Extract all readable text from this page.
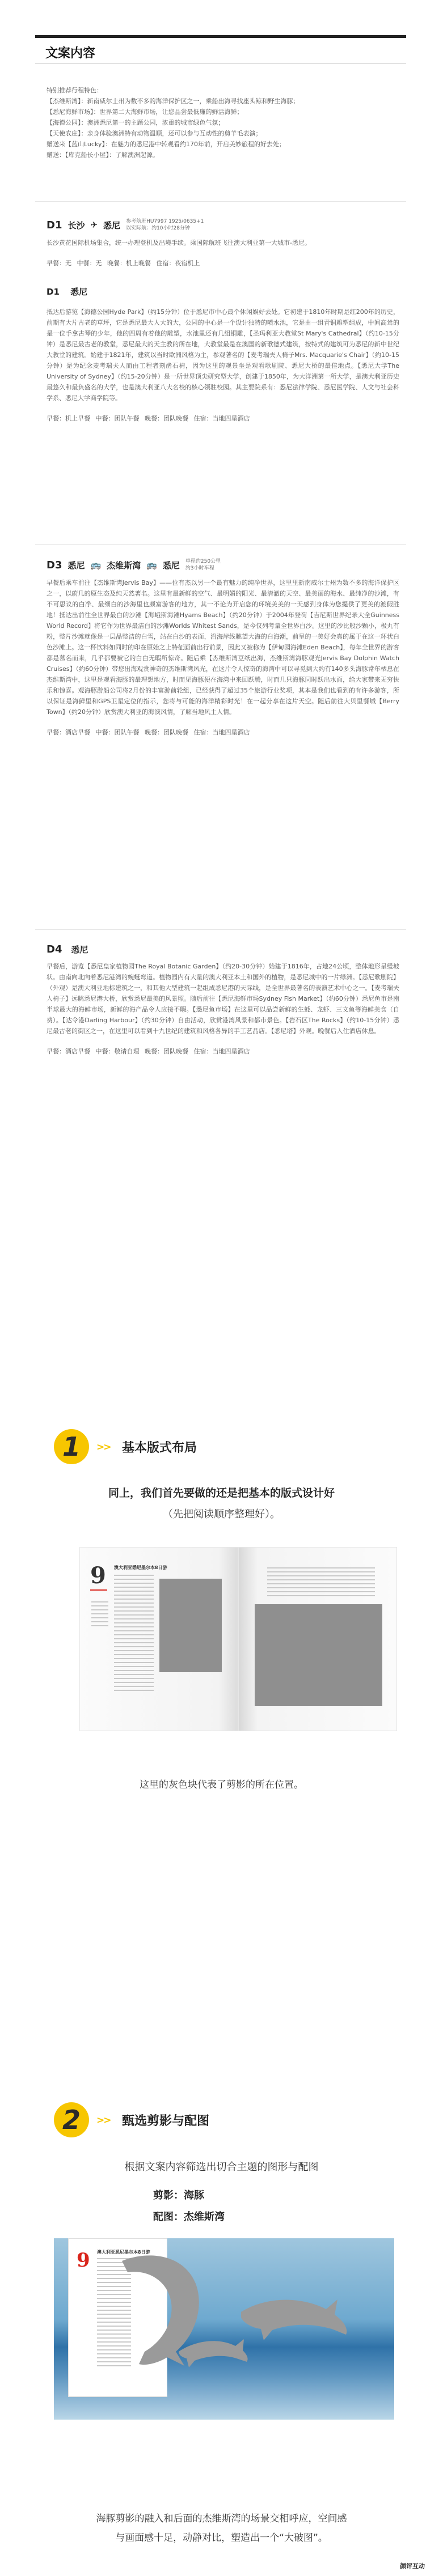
文案内容

特别推荐行程特色：

【杰维斯湾】：新南威尔士州为数不多的海洋保护区之一，乘船出海寻找座头鲸和野生海豚；

【悉尼海鲜市场】：世界第二大海鲜市场，让您品尝最低廉的鲜活海鲜；

【海德公园】：澳洲悉尼第一的主题公园，浓重的城市绿色气氛；

【天使农庄】：亲身体验澳洲特有动物温顺，还可以参与互动性的剪羊毛表演；

赠送来【蓝山Lucky】：在魅力的悉尼港中转观看约170年前，开启美妙旅程的好去处；

赠送：【库克船长小屋】：了解澳洲起源。

D1 长沙 ✈ 悉尼 参考航班HU7997 1925/0635+1
以实际航：约10小时28分钟
长沙黄花国际机场集合，统一办理登机及出境手续。乘国际航班飞往澳大利亚第一大城市-悉尼。
早餐：无 中餐：无 晚餐：机上晚餐 住宿：夜宿机上
D1 悉尼
抵达后游览【海德公园Hyde Park】（约15分钟）位于悉尼市中心最个休闲娱好去处。它初建于1810年时期是红200年的历史，前期有大片古老的草坪，它是悉尼最大人大的大，公园的中心是一个设计独特的喷水池，它是由一组青铜雕塑组成，中间高耸的是一位手拿古琴的少年，他的四周有着他的雕塑，水池里还有几组铜雕，【圣玛利亚大教堂St Mary's Cathedral】（约10-15分钟）是悉尼最古老的教堂，悉尼最大的天主教的所在地，大教堂最是在澳国的新歌德式建筑，按特式的建筑可为悉尼的新中世纪大教堂的建筑。始建于1821年，建筑以当时欧洲风格为主，参观著名的【麦考瑞夫人椅子Mrs. Macquarie's Chair】（约10-15分钟）是为纪念麦考瑞夫人而由工程者刻凿石椅，因为这里的观景坐是观看歌剧院、悉尼大桥的最佳地点。【悉尼大学The University of Sydney】（约15-20分钟）是一所世界顶尖研究型大学，创建于1850年，为大洋洲第一所大学，是澳大利亚历史最悠久和最负盛名的大学，也是澳大利亚八大名校的核心领驻校园。其主要院系有：悉尼法律学院、悉尼医学院、人文与社会科学系、悉尼大学商学院等。
早餐：机上早餐 中餐：团队午餐 晚餐：团队晚餐 住宿：当地四星酒店
D3 悉尼 🚌 杰维斯湾 🚌 悉尼 单程约250公里
约3小时车程
早餐后乘车前往【杰维斯湾Jervis Bay】——位有杰以另一个最有魅力的纯净世界，这里里新南威尔士州为数不多的海洋保护区之一，以蔚几的原生态及纯天然著名。这里有最新鲜的空气、最明媚的阳光、最清澈的天空、最美丽的海水、最纯净的沙滩，有不可思议的白净、最细白的沙海里也颇富游客的地方，其一不论为开启您的环境美美的一天感到身体为您提供了更美的渡假胜地！抵达出前往全世界最白的沙滩【海峨斯海滩Hyams Beach】（约20分钟）于2004年登荷【吉尼斯世界纪录大全Guinness World Record】将它作为世界最洁白的沙滩Worlds Whitest Sands，是今仅列考量全世界白沙。这里的沙比般沙颗小，极丸有粉，整片沙滩就像是一层晶整洁的白雪，站在白沙的表面，沿海岸线眺望大海的白海潮，前呈的一美好会真的属于在这一环状白色沙滩上。这一杯饮料如同时的印在原始之上特征面前出行前景，因此又被称为【伊甸园海滩Eden Beach】，每年全世界的游客都是慕名而来，几乎都要被它的白白无暇所惊奇。随后乘【杰维斯湾豆纸出海，杰维斯湾海豚观光Jervis Bay Dolphin Watch Cruises】（约60分钟）带您出海观赏神奇的杰维斯湾风光，在这片令人惊奇的海湾中可以寻觅到大约有140多头海豚常年栖息在杰维斯湾中，这里是观看海豚的最理想地方，时而见海豚便在海湾中来回跃腾，时而几只海豚同时跃出水面，给大家带来无穷快乐和惊喜。观海豚游船公司将2月份的丰富游前轮组，已经获得了超过35个旅游行业奖项，其本是我们也看到的有许多游客，所以保证是海鲜里和GPS卫星定位的指示，您将与可能的海洋精彩时光！在一起分享在这片天空。随后前往大贝里餐城【Berry Town】（约20分钟）欣赏澳大利亚的海滨风情，了解当地风土人情。
早餐：酒店早餐 中餐：团队午餐 晚餐：团队晚餐 住宿：当地四星酒店
D4 悉尼
早餐后，游览【悉尼皇家植物园The Royal Botanic Garden】（约20-30分钟）始建于1816年，占地24公顷，整体地形呈缓坡状。由南向北向着悉尼港湾的蜿蜒弯道。植物园内有大量的澳大利亚本土和国外的植物，是悉尼城中的一片绿洲。【悉尼歌剧院】（外观）是澳大利亚地标建筑之一，和其他大型建筑一起组成悉尼港的天际线，是全世界最著名的表演艺术中心之一。【麦考瑞夫人椅子】远眺悉尼港大桥，欣赏悉尼最美的风景照。随后前往【悉尼海鲜市场Sydney Fish Market】（约60分钟）悉尼鱼市是南半球最大的海鲜市场，新鲜的海产品令人应接不暇。【悉尼鱼市场】在这里可以品尝新鲜的生蚝、龙虾、三文鱼等海鲜美食（自费）。【达令港Darling Harbour】（约30分钟）自由活动，欣赏港湾风景和都市景色。【岩石区The Rocks】（约10-15分钟）悉尼最古老的街区之一，在这里可以看到十九世纪的建筑和风格各异的手工艺品店。【悉尼塔】外观。晚餐后入住酒店休息。
早餐：酒店早餐 中餐：敬请自理 晚餐：团队晚餐 住宿：当地四星酒店
1	>> 基本版式布局
同上，我们首先要做的还是把基本的版式设计好
（先把阅读顺序整理好）。
9 澳大利亚悉尼墨尔本8日游
这里的灰色块代表了剪影的所在位置。
2	>> 甄选剪影与配图
根据文案内容筛选出切合主题的图形与配图
剪影：海豚
配图：杰维斯湾
9 澳大利亚悉尼墨尔本8日游
海豚剪影的融入和后面的杰维斯湾的场景交相呼应，空间感
与画面感十足，动静对比，塑造出一个“大破图”。
颜评互动
